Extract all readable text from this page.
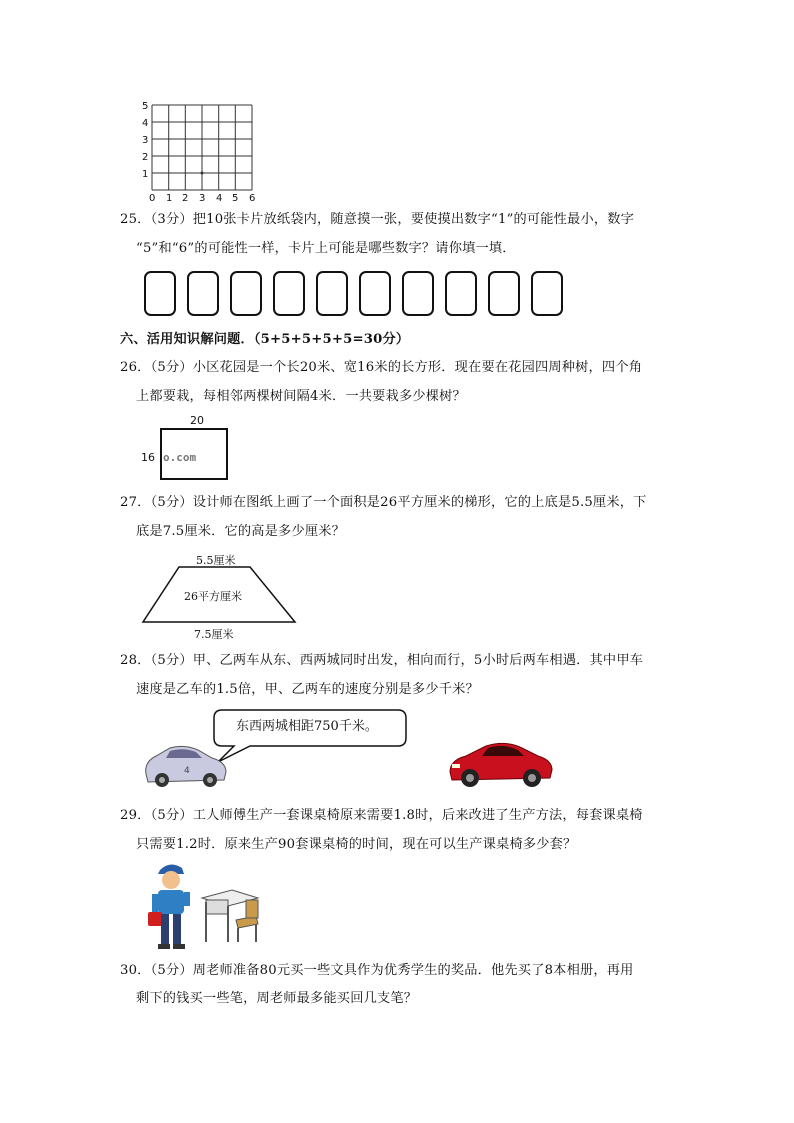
0 1 2 3 4 5 6
1
2
3
4
5
25．（3分）把10张卡片放纸袋内，随意摸一张，要使摸出数字“1”的可能性最小，数字
“5”和“6”的可能性一样，卡片上可能是哪些数字？请你填一填．
六、活用知识解问题．（5+5+5+5+5=30分）
26．（5分）小区花园是一个长20米、宽16米的长方形．现在要在花园四周种树，四个角
上都要栽，每相邻两棵树间隔4米．一共要栽多少棵树？
20
16 o.com
27．（5分）设计师在图纸上画了一个面积是26平方厘米的梯形，它的上底是5.5厘米，下
底是7.5厘米．它的高是多少厘米？
5.5厘米
26平方厘米
7.5厘米
28．（5分）甲、乙两车从东、西两城同时出发，相向而行，5小时后两车相遇．其中甲车
速度是乙车的1.5倍，甲、乙两车的速度分别是多少千米？
东西两城相距750千米。
4
29．（5分）工人师傅生产一套课桌椅原来需要1.8时，后来改进了生产方法，每套课桌椅
只需要1.2时．原来生产90套课桌椅的时间，现在可以生产课桌椅多少套？
30．（5分）周老师准备80元买一些文具作为优秀学生的奖品．他先买了8本相册，再用
剩下的钱买一些笔，周老师最多能买回几支笔？
